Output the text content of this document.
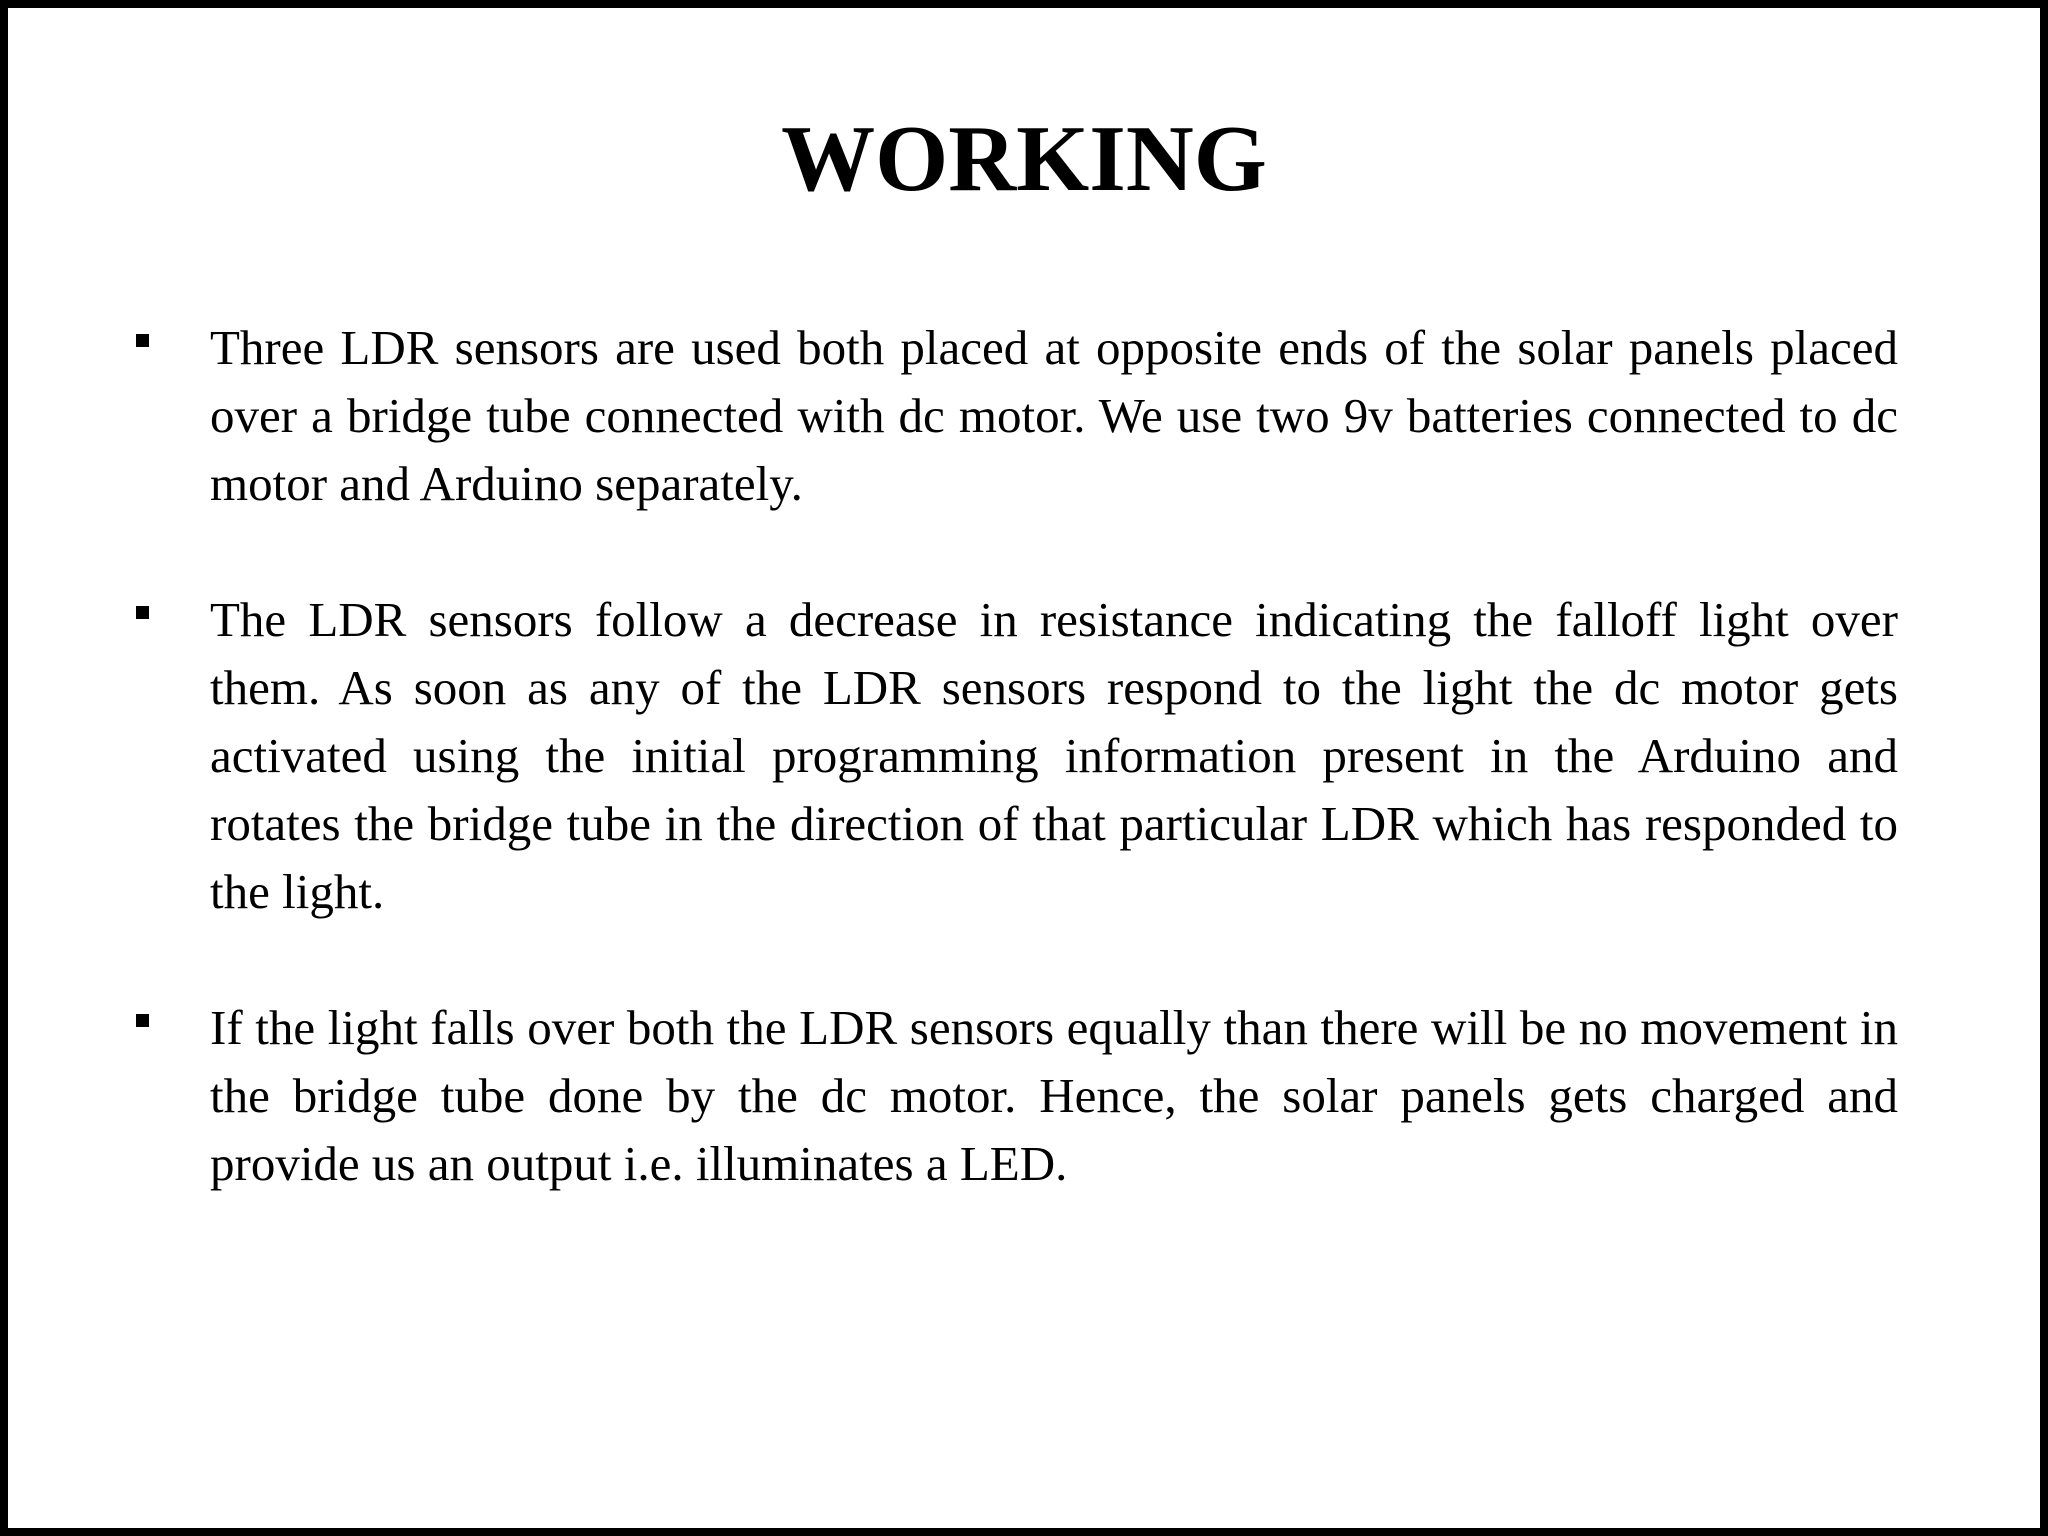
WORKING
Three LDR sensors are used both placed at opposite ends of the solar panels placed over a bridge tube connected with dc motor. We use two 9v batteries connected to dc motor and Arduino separately.
The LDR sensors follow a decrease in resistance indicating the falloff light over them. As soon as any of the LDR sensors respond to the light the dc motor gets activated using the initial programming information present in the Arduino and rotates the bridge tube in the direction of that particular LDR which has responded to the light.
If the light falls over both the LDR sensors equally than there will be no movement in the bridge tube done by the dc motor. Hence, the solar panels gets charged and provide us an output i.e. illuminates a LED.
